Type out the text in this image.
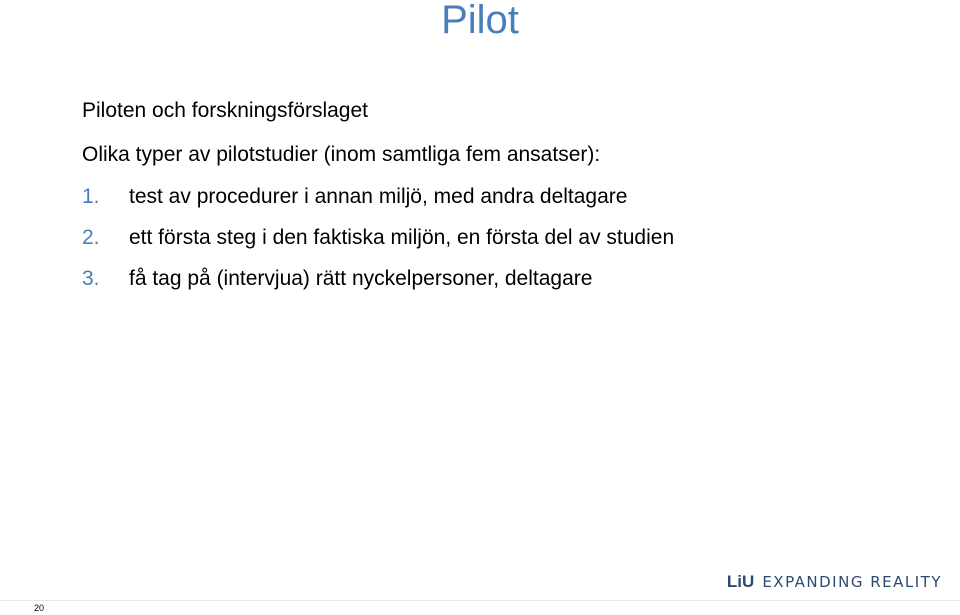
Pilot
Piloten och forskningsförslaget
Olika typer av pilotstudier (inom samtliga fem ansatser):
1.	test av procedurer i annan miljö, med andra deltagare
2.	ett första steg i den faktiska miljön, en första del av studien
3.	få tag på (intervjua) rätt nyckelpersoner, deltagare
LiU EXPANDING REALITY
20
